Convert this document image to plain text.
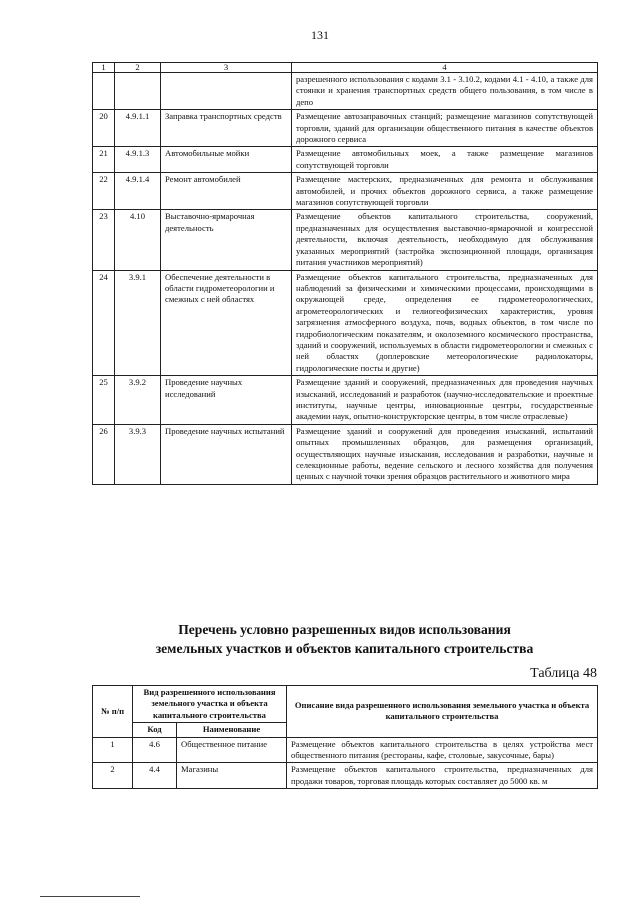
131
1	2	3	4
			разрешенного использования с кодами 3.1 - 3.10.2, кодами 4.1 - 4.10, а также для стоянки и хранения транспортных средств общего пользования, в том числе в депо
20	4.9.1.1	Заправка транспортных средств	Размещение автозаправочных станций; размещение магазинов сопутствующей торговли, зданий для организации общественного питания в качестве объектов дорожного сервиса
21	4.9.1.3	Автомобильные мойки	Размещение автомобильных моек, а также размещение магазинов сопутствующей торговли
22	4.9.1.4	Ремонт автомобилей	Размещение мастерских, предназначенных для ремонта и обслуживания автомобилей, и прочих объектов дорожного сервиса, а также размещение магазинов сопутствующей торговли
23	4.10	Выставочно-ярмарочная деятельность	Размещение объектов капитального строительства, сооружений, предназначенных для осуществления выставочно-ярмарочной и конгрессной деятельности, включая деятельность, необходимую для обслуживания указанных мероприятий (застройка экспозиционной площади, организация питания участников мероприятий)
24	3.9.1	Обеспечение деятельности в области гидрометеорологии и смежных с ней областях	Размещение объектов капитального строительства, предназначенных для наблюдений за физическими и химическими процессами, происходящими в окружающей среде, определения ее гидрометеорологических, агрометеорологических и гелиогеофизических характеристик, уровня загрязнения атмосферного воздуха, почв, водных объектов, в том числе по гидробиологическим показателям, и околоземного космического пространства, зданий и сооружений, используемых в области гидрометеорологии и смежных с ней областях (доплеровские метеорологические радиолокаторы, гидрологические посты и другие)
25	3.9.2	Проведение научных исследований	Размещение зданий и сооружений, предназначенных для проведения научных изысканий, исследований и разработок (научно-исследовательские и проектные институты, научные центры, инновационные центры, государственные академии наук, опытно-конструкторские центры, в том числе отраслевые)
26	3.9.3	Проведение научных испытаний	Размещение зданий и сооружений для проведения изысканий, испытаний опытных промышленных образцов, для размещения организаций, осуществляющих научные изыскания, исследования и разработки, научные и селекционные работы, ведение сельского и лесного хозяйства для получения ценных с научной точки зрения образцов растительного и животного мира
Перечень условно разрешенных видов использования
земельных участков и объектов капитального строительства
Таблица 48
№ п/п	Вид разрешенного использования земельного участка и объекта капитального строительства		Описание вида разрешенного использования земельного участка и объекта капитального строительства
	Код	Наименование	
1	4.6	Общественное питание	Размещение объектов капитального строительства в целях устройства мест общественного питания (рестораны, кафе, столовые, закусочные, бары)
2	4.4	Магазины	Размещение объектов капитального строительства, предназначенных для продажи товаров, торговая площадь которых составляет до 5000 кв. м
